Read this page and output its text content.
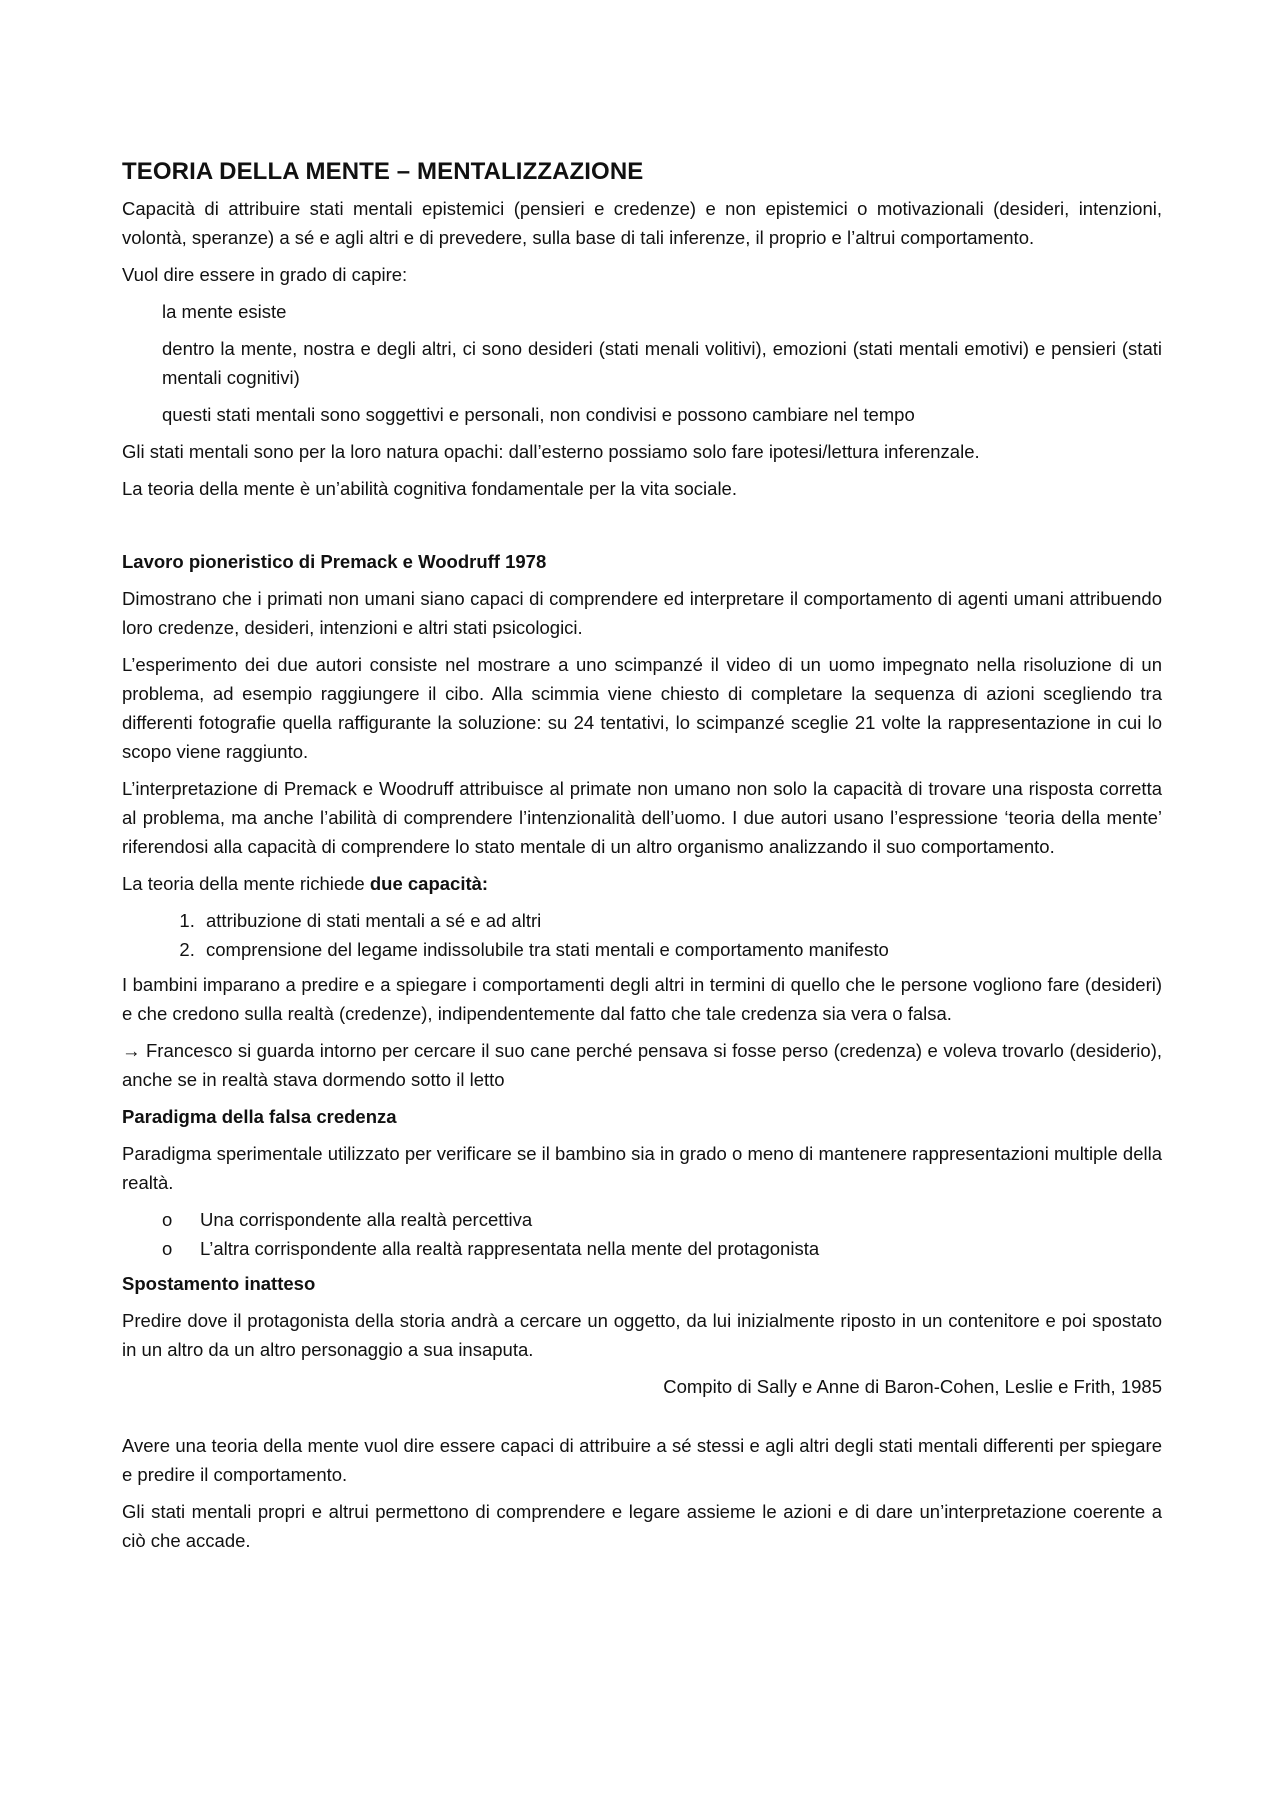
TEORIA DELLA MENTE – MENTALIZZAZIONE

Capacità di attribuire stati mentali epistemici (pensieri e credenze) e non epistemici o motivazionali (desideri, intenzioni, volontà, speranze) a sé e agli altri e di prevedere, sulla base di tali inferenze, il proprio e l’altrui comportamento.

Vuol dire essere in grado di capire:

la mente esiste

dentro la mente, nostra e degli altri, ci sono desideri (stati menali volitivi), emozioni (stati mentali emotivi) e pensieri (stati mentali cognitivi)

questi stati mentali sono soggettivi e personali, non condivisi e possono cambiare nel tempo

Gli stati mentali sono per la loro natura opachi: dall’esterno possiamo solo fare ipotesi/lettura inferenzale.

La teoria della mente è un’abilità cognitiva fondamentale per la vita sociale.

Lavoro pioneristico di Premack e Woodruff 1978

Dimostrano che i primati non umani siano capaci di comprendere ed interpretare il comportamento di agenti umani attribuendo loro credenze, desideri, intenzioni e altri stati psicologici.

L’esperimento dei due autori consiste nel mostrare a uno scimpanzé il video di un uomo impegnato nella risoluzione di un problema, ad esempio raggiungere il cibo. Alla scimmia viene chiesto di completare la sequenza di azioni scegliendo tra differenti fotografie quella raffigurante la soluzione: su 24 tentativi, lo scimpanzé sceglie 21 volte la rappresentazione in cui lo scopo viene raggiunto.

L’interpretazione di Premack e Woodruff attribuisce al primate non umano non solo la capacità di trovare una risposta corretta al problema, ma anche l’abilità di comprendere l’intenzionalità dell’uomo. I due autori usano l’espressione ‘teoria della mente’ riferendosi alla capacità di comprendere lo stato mentale di un altro organismo analizzando il suo comportamento.

La teoria della mente richiede due capacità:

1. attribuzione di stati mentali a sé e ad altri
2. comprensione del legame indissolubile tra stati mentali e comportamento manifesto

I bambini imparano a predire e a spiegare i comportamenti degli altri in termini di quello che le persone vogliono fare (desideri) e che credono sulla realtà (credenze), indipendentemente dal fatto che tale credenza sia vera o falsa.

→ Francesco si guarda intorno per cercare il suo cane perché pensava si fosse perso (credenza) e voleva trovarlo (desiderio), anche se in realtà stava dormendo sotto il letto

Paradigma della falsa credenza

Paradigma sperimentale utilizzato per verificare se il bambino sia in grado o meno di mantenere rappresentazioni multiple della realtà.

o	Una corrispondente alla realtà percettiva
o	L’altra corrispondente alla realtà rappresentata nella mente del protagonista
Spostamento inatteso

Predire dove il protagonista della storia andrà a cercare un oggetto, da lui inizialmente riposto in un contenitore e poi spostato in un altro da un altro personaggio a sua insaputa.

Compito di Sally e Anne di Baron-Cohen, Leslie e Frith, 1985

Avere una teoria della mente vuol dire essere capaci di attribuire a sé stessi e agli altri degli stati mentali differenti per spiegare e predire il comportamento.

Gli stati mentali propri e altrui permettono di comprendere e legare assieme le azioni e di dare un’interpretazione coerente a ciò che accade.
